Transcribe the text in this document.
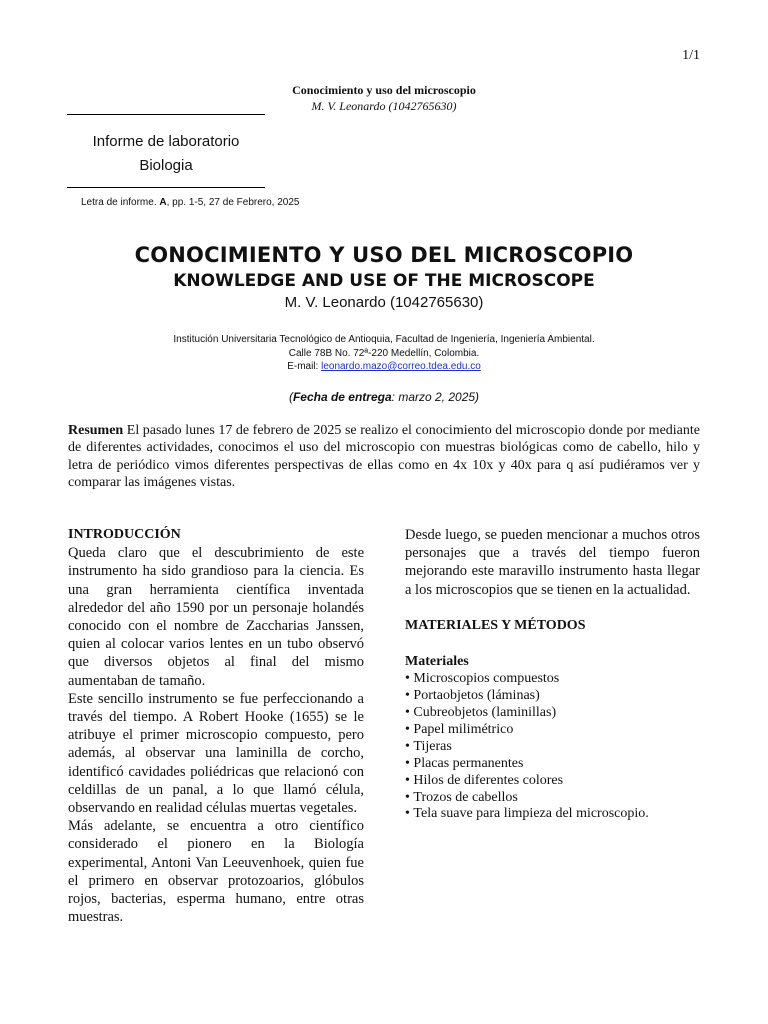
1/1
Conocimiento y uso del microscopio
M. V. Leonardo (1042765630)
Informe de laboratorio
Biologia
Letra de informe. A, pp. 1-5, 27 de Febrero, 2025
CONOCIMIENTO Y USO DEL MICROSCOPIO
KNOWLEDGE AND USE OF THE MICROSCOPE
M. V. Leonardo (1042765630)
Institución Universitaria Tecnológico de Antioquia, Facultad de Ingeniería, Ingeniería Ambiental.
Calle 78B No. 72ª-220 Medellín, Colombia.
E-mail: leonardo.mazo@correo.tdea.edu.co
(Fecha de entrega: marzo 2, 2025)
Resumen El pasado lunes 17 de febrero de 2025 se realizo el conocimiento del microscopio donde por mediante de diferentes actividades, conocimos el uso del microscopio con muestras biológicas como de cabello, hilo y letra de periódico vimos diferentes perspectivas de ellas como en 4x 10x y 40x para q así pudiéramos ver y comparar las imágenes vistas.

INTRODUCCIÓN

Queda claro que el descubrimiento de este instrumento ha sido grandioso para la ciencia. Es una gran herramienta científica inventada alrededor del año 1590 por un personaje holandés conocido con el nombre de Zaccharias Janssen, quien al colocar varios lentes en un tubo observó que diversos objetos al final del mismo aumentaban de tamaño.

Este sencillo instrumento se fue perfeccionando a través del tiempo. A Robert Hooke (1655) se le atribuye el primer microscopio compuesto, pero además, al observar una laminilla de corcho, identificó cavidades poliédricas que relacionó con celdillas de un panal, a lo que llamó célula, observando en realidad células muertas vegetales.

Más adelante, se encuentra a otro científico considerado el pionero en la Biología experimental, Antoni Van Leeuvenhoek, quien fue el primero en observar protozoarios, glóbulos rojos, bacterias, esperma humano, entre otras muestras.

Desde luego, se pueden mencionar a muchos otros personajes que a través del tiempo fueron mejorando este maravillo instrumento hasta llegar a los microscopios que se tienen en la actualidad.

MATERIALES Y MÉTODOS

Materiales

• Microscopios compuestos
• Portaobjetos (láminas)
• Cubreobjetos (laminillas)
• Papel milimétrico
• Tijeras
• Placas permanentes
• Hilos de diferentes colores
• Trozos de cabellos
• Tela suave para limpieza del microscopio.
